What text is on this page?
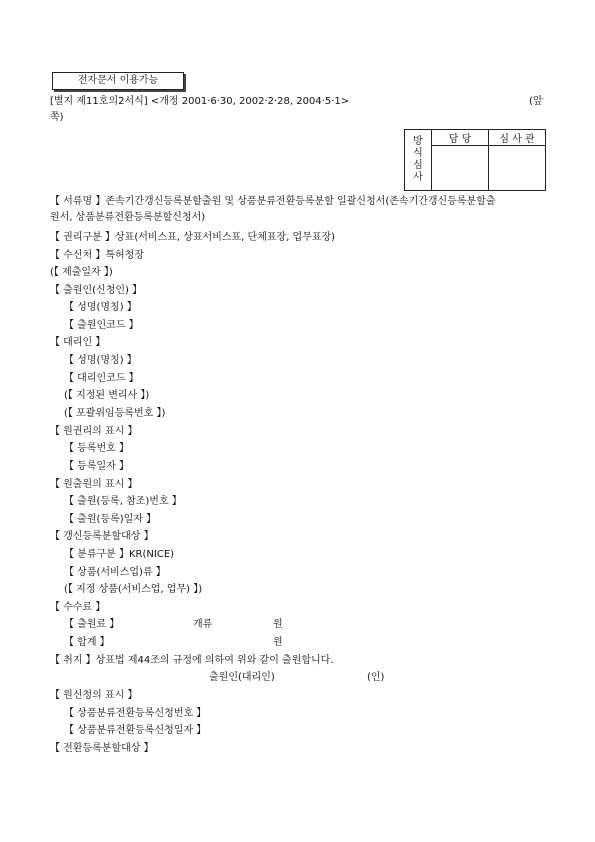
전자문서 이용가능
[별지 제11호의2서식] <개정 2001·6·30, 2002·2·28, 2004·5·1>	(앞
쪽)
방
식
심
사	담 당	심 사 관

【 서류명 】존속기간갱신등록분할출원 및 상품분류전환등록분할 일괄신청서(존속기간갱신등록분할출
원서, 상품분류전환등록분할신청서)
【 권리구분 】상표(서비스표, 상표서비스표, 단체표장, 업무표장)
【 수신처 】특허청장
(【 제출일자 】)
【 출원인(신청인) 】
【 성명(명칭) 】
【 출원인코드 】
【 대리인 】
【 성명(명칭) 】
【 대리인코드 】
(【 지정된 변리사 】)
(【 포괄위임등록번호 】)
【 원권리의 표시 】
【 등록번호 】
【 등록일자 】
【 원출원의 표시 】
【 출원(등록, 참조)번호 】
【 출원(등록)일자 】
【 갱신등록분할대상 】
【 분류구분 】KR(NICE)
【 상품(서비스업)류 】
(【 지정 상품(서비스업, 업무) 】)
【 수수료 】
【 출원료 】	개류	원
【 합계 】	원
【 취지 】상표법 제44조의 규정에 의하여 위와 같이 출원합니다.
출원인(대리인)	(인)
【 원신청의 표시 】
【 상품분류전환등록신청번호 】
【 상품분류전환등록신청일자 】
【 전환등록분할대상 】
